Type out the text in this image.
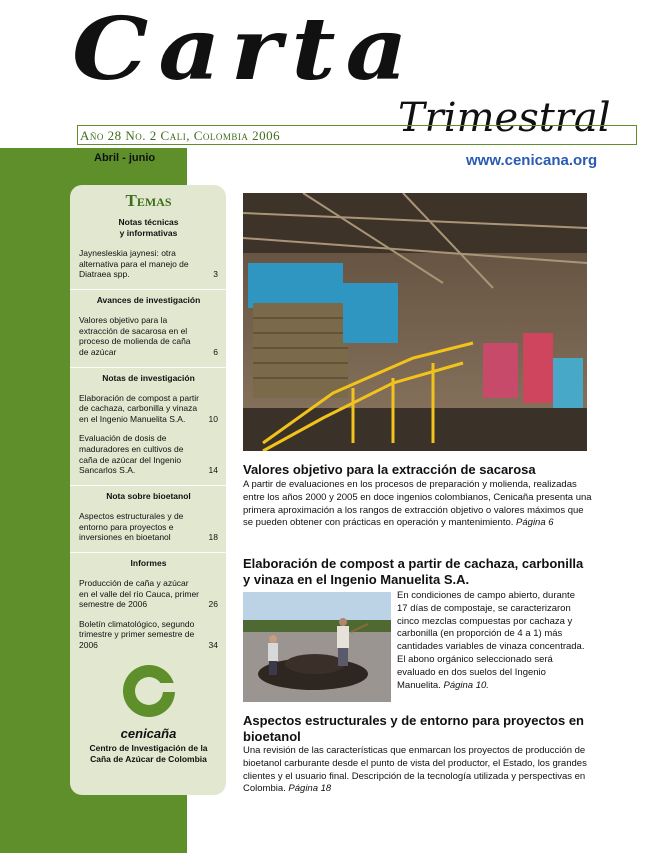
Carta
Trimestral
Año 28 No. 2 Cali, Colombia 2006
Abril - junio	www.cenicana.org
Temas
Notas técnicas
y informativas
Jaynesleskia jaynesi: otra alternativa para el manejo de Diatraea spp.	3
Avances de investigación
Valores objetivo para la extracción de sacarosa en el proceso de molienda de caña de azúcar	6
Notas de investigación
Elaboración de compost a partir de cachaza, carbonilla y vinaza en el Ingenio Manuelita S.A.	10
Evaluación de dosis de maduradores en cultivos de caña de azúcar del Ingenio Sancarlos S.A.	14
Nota sobre bioetanol
Aspectos estructurales y de entorno para proyectos e inversiones en bioetanol	18
Informes
Producción de caña y azúcar en el valle del río Cauca, primer semestre de 2006	26
Boletín climatológico, segundo trimestre y primer semestre de 2006	34
cenicaña
Centro de Investigación de la Caña de Azúcar de Colombia
Valores objetivo para la extracción de sacarosa
A partir de evaluaciones en los procesos de preparación y molienda, realizadas entre los años 2000 y 2005 en doce ingenios colombianos, Cenicaña presenta una primera aproximación a los rangos de extracción objetivo o valores máximos que se pueden obtener con prácticas en operación y mantenimiento. Página 6
Elaboración de compost a partir de cachaza, carbonilla y vinaza en el Ingenio Manuelita S.A.
En condiciones de campo abierto, durante 17 días de compostaje, se caracterizaron cinco mezclas compuestas por cachaza y carbonilla (en proporción de 4 a 1) más cantidades variables de vinaza concentrada. El abono orgánico seleccionado será evaluado en dos suelos del Ingenio Manuelita. Página 10.
Aspectos estructurales y de entorno para proyectos en bioetanol
Una revisión de las características que enmarcan los proyectos de producción de bioetanol carburante desde el punto de vista del productor, el Estado, los grandes clientes y el usuario final. Descripción de la tecnología utilizada y perspectivas en Colombia. Página 18
